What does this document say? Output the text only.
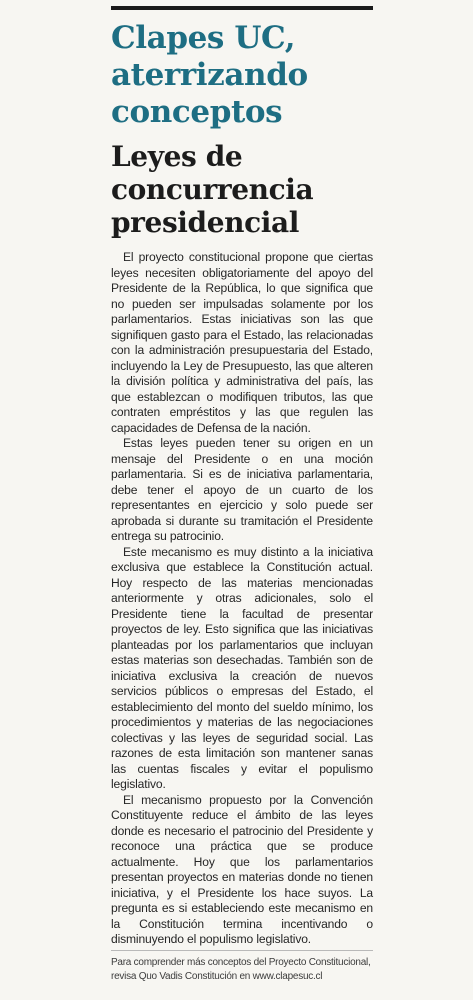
Clapes UC, aterrizando conceptos
Leyes de concurrencia presidencial

El proyecto constitucional propone que ciertas leyes necesiten obligatoriamente del apoyo del Presidente de la República, lo que significa que no pueden ser impulsadas solamente por los parlamentarios. Estas iniciativas son las que signifiquen gasto para el Estado, las relacionadas con la administración presupuestaria del Estado, incluyendo la Ley de Presupuesto, las que alteren la división política y administrativa del país, las que establezcan o modifiquen tributos, las que contraten empréstitos y las que regulen las capacidades de Defensa de la nación.

Estas leyes pueden tener su origen en un mensaje del Presidente o en una moción parlamentaria. Si es de iniciativa parlamentaria, debe tener el apoyo de un cuarto de los representantes en ejercicio y solo puede ser aprobada si durante su tramitación el Presidente entrega su patrocinio.

Este mecanismo es muy distinto a la iniciativa exclusiva que establece la Constitución actual. Hoy respecto de las materias mencionadas anteriormente y otras adicionales, solo el Presidente tiene la facultad de presentar proyectos de ley. Esto significa que las iniciativas planteadas por los parlamentarios que incluyan estas materias son desechadas. También son de iniciativa exclusiva la creación de nuevos servicios públicos o empresas del Estado, el establecimiento del monto del sueldo mínimo, los procedimientos y materias de las negociaciones colectivas y las leyes de seguridad social. Las razones de esta limitación son mantener sanas las cuentas fiscales y evitar el populismo legislativo.

El mecanismo propuesto por la Convención Constituyente reduce el ámbito de las leyes donde es necesario el patrocinio del Presidente y reconoce una práctica que se produce actualmente. Hoy que los parlamentarios presentan proyectos en materias donde no tienen iniciativa, y el Presidente los hace suyos. La pregunta es si estableciendo este mecanismo en la Constitución termina incentivando o disminuyendo el populismo legislativo.

Para comprender más conceptos del Proyecto Constitucional, revisa Quo Vadis Constitución en www.clapesuc.cl
